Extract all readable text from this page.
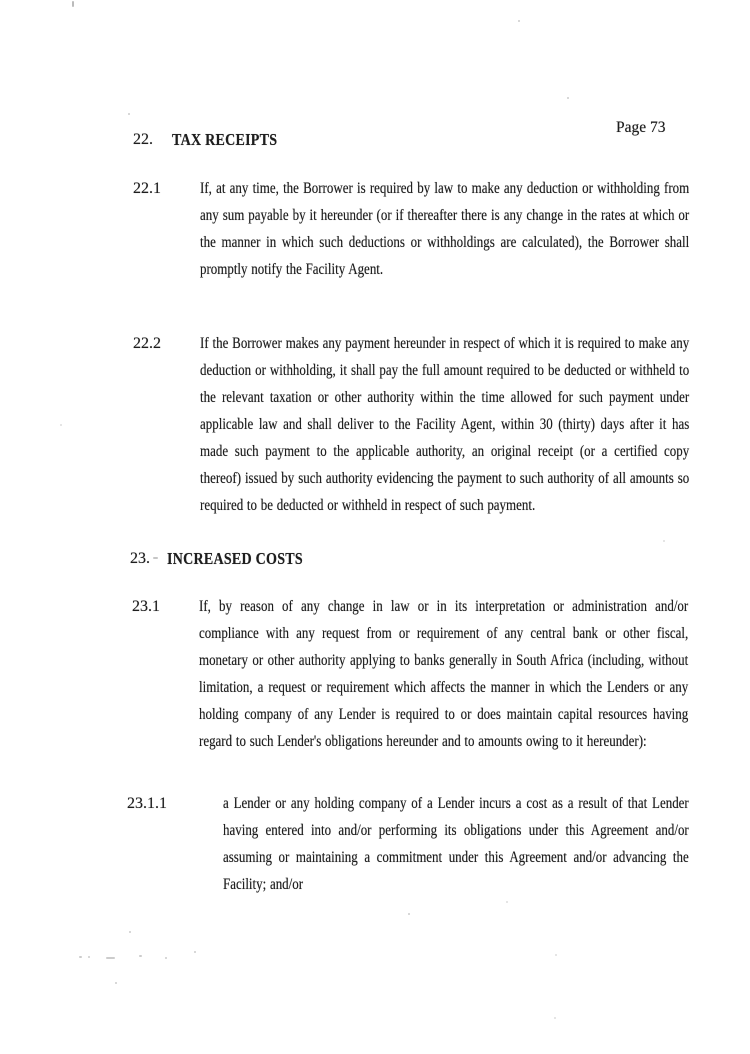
Page 73
22.	TAX RECEIPTS
22.1	If, at any time, the Borrower is required by law to make any deduction or withholding from any sum payable by it hereunder (or if thereafter there is any change in the rates at which or the manner in which such deductions or withholdings are calculated), the Borrower shall promptly notify the Facility Agent.
22.2	If the Borrower makes any payment hereunder in respect of which it is required to make any deduction or withholding, it shall pay the full amount required to be deducted or withheld to the relevant taxation or other authority within the time allowed for such payment under applicable law and shall deliver to the Facility Agent, within 30 (thirty) days after it has made such payment to the applicable authority, an original receipt (or a certified copy thereof) issued by such authority evidencing the payment to such authority of all amounts so required to be deducted or withheld in respect of such payment.
23.	INCREASED COSTS
23.1	If, by reason of any change in law or in its interpretation or administration and/or compliance with any request from or requirement of any central bank or other fiscal, monetary or other authority applying to banks generally in South Africa (including, without limitation, a request or requirement which affects the manner in which the Lenders or any holding company of any Lender is required to or does maintain capital resources having regard to such Lender's obligations hereunder and to amounts owing to it hereunder):
23.1.1	a Lender or any holding company of a Lender incurs a cost as a result of that Lender having entered into and/or performing its obligations under this Agreement and/or assuming or maintaining a commitment under this Agreement and/or advancing the Facility; and/or
